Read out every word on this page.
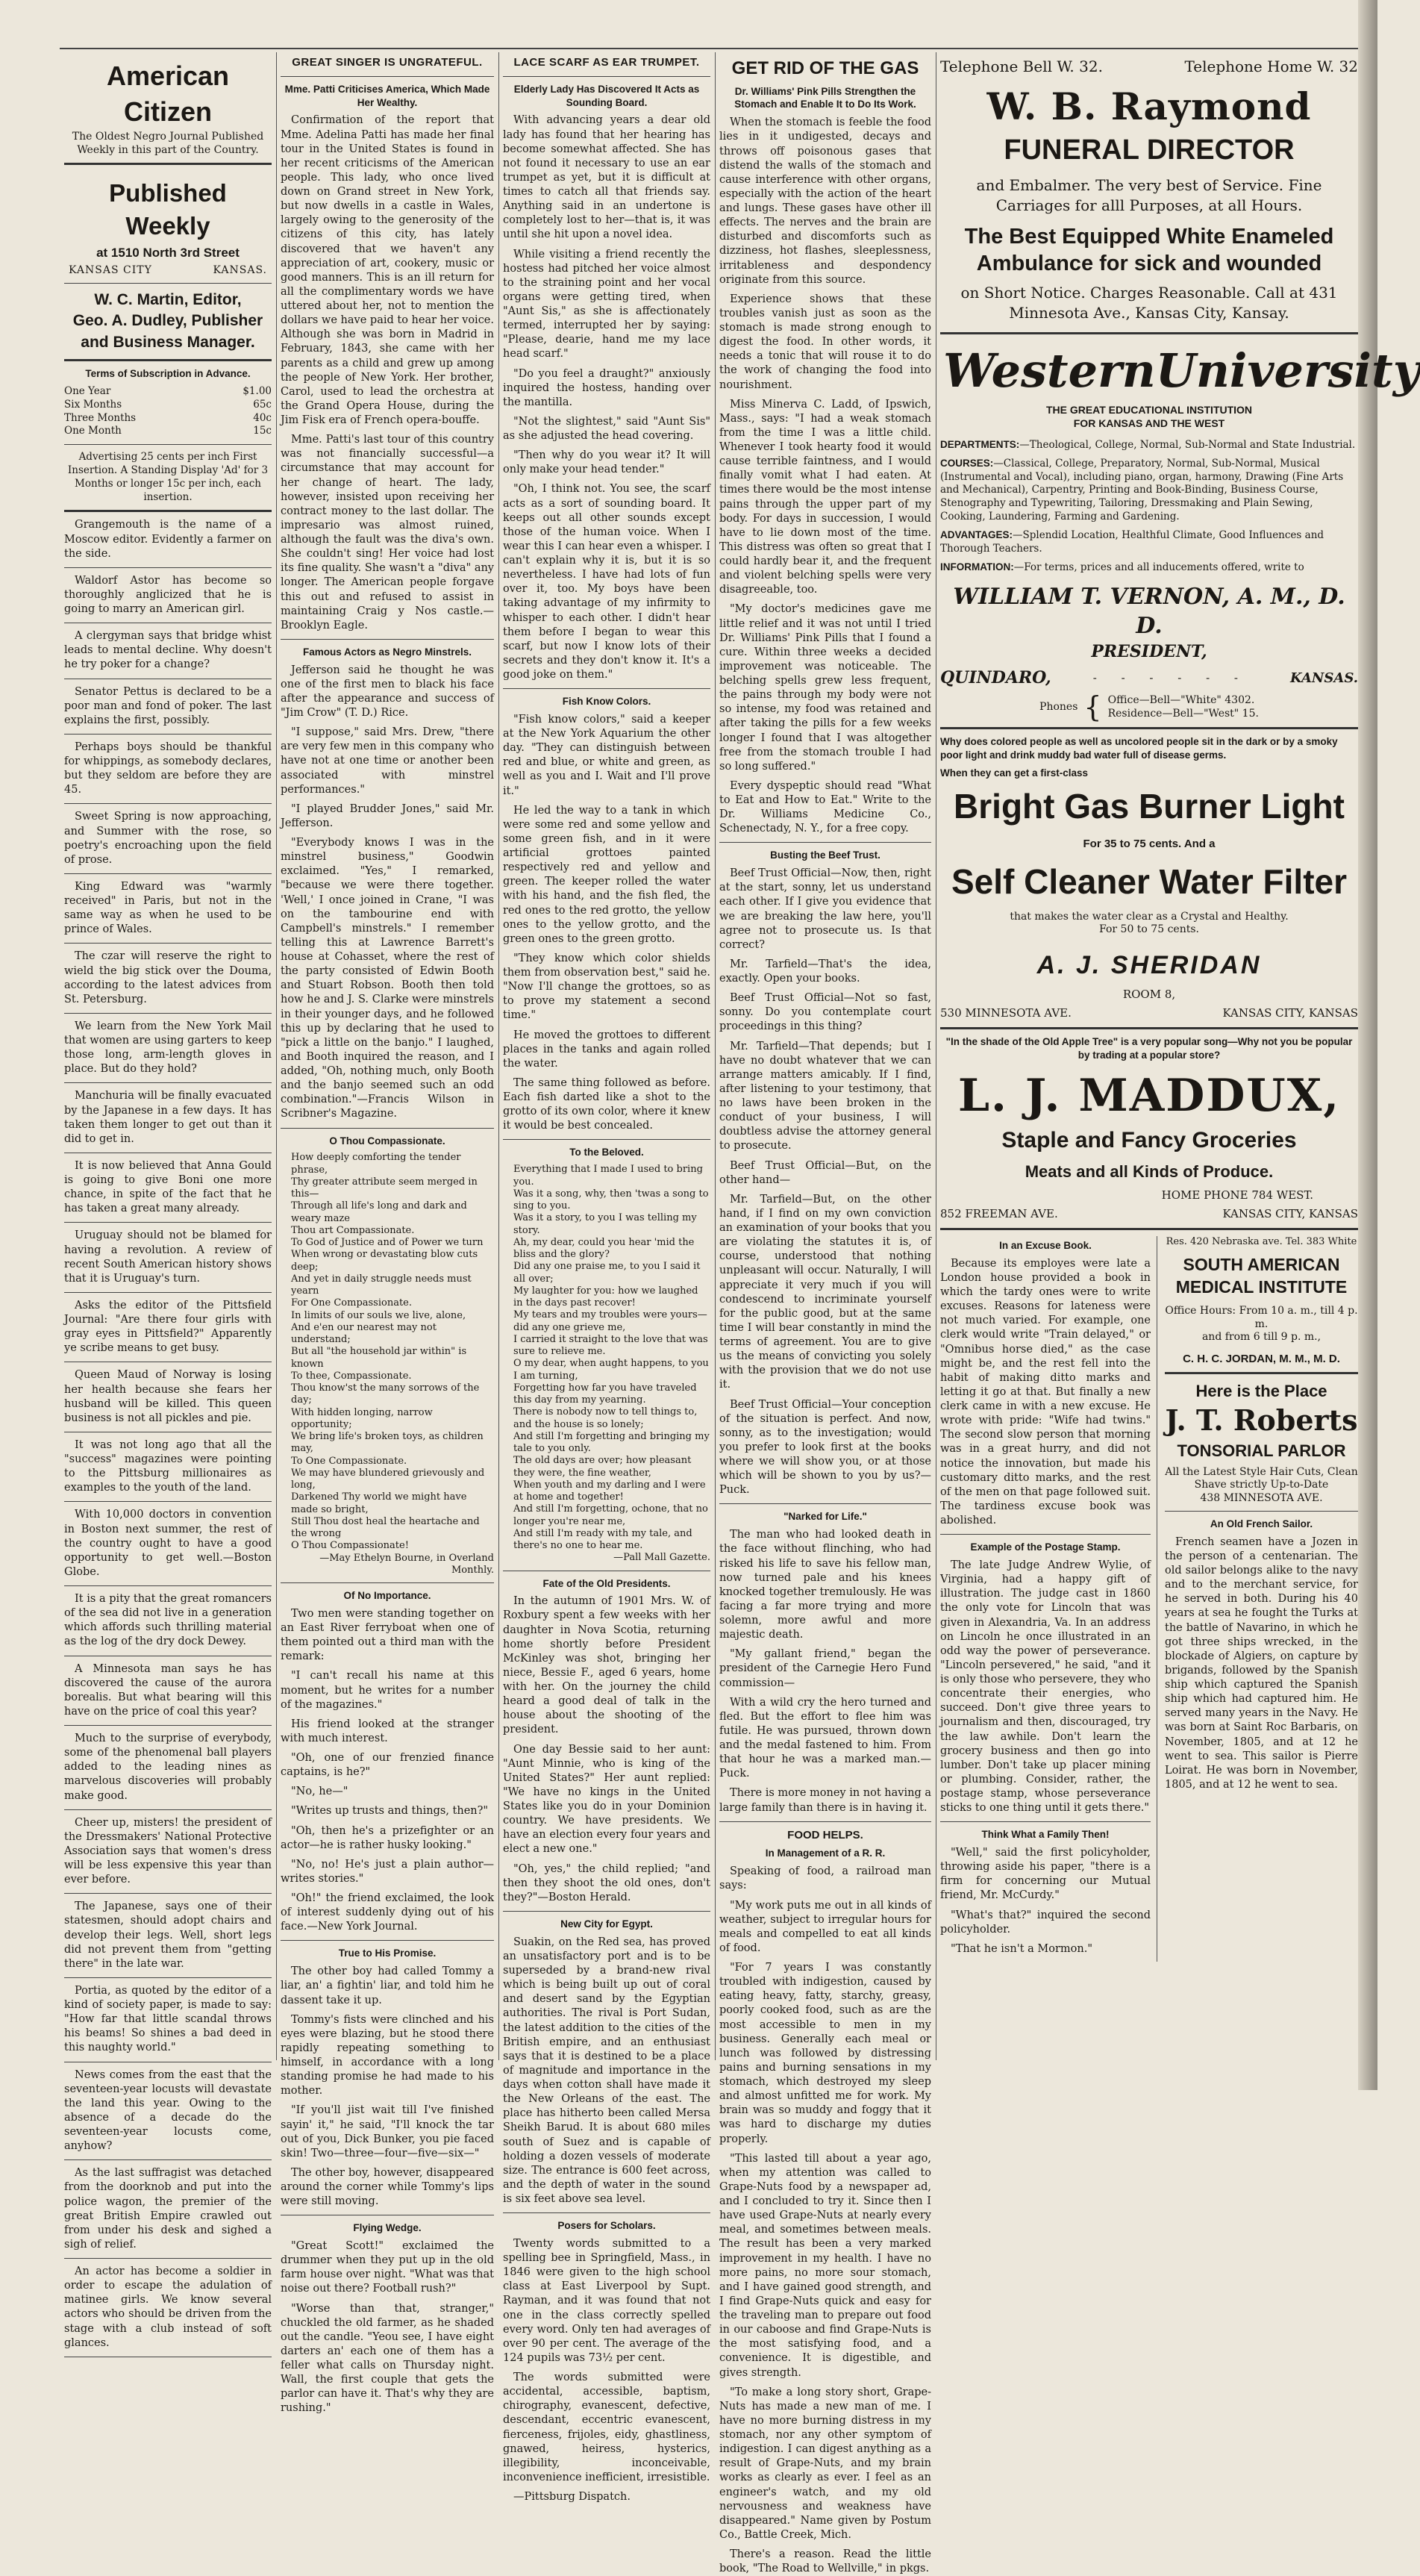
American Citizen
The Oldest Negro Journal Published Weekly in this part of the Country.
Published Weekly
at 1510 North 3rd Street
KANSAS CITY	KANSAS.
W. C. Martin, Editor,
Geo. A. Dudley, Publisher and Business Manager.
Terms of Subscription in Advance.
One Year	$1.00
Six Months	65c
Three Months	40c
One Month	15c

Advertising 25 cents per inch First Insertion. A Standing Display 'Ad' for 3 Months or longer 15c per inch, each insertion.

Grangemouth is the name of a Moscow editor. Evidently a farmer on the side.

Waldorf Astor has become so thoroughly anglicized that he is going to marry an American girl.

A clergyman says that bridge whist leads to mental decline. Why doesn't he try poker for a change?

Senator Pettus is declared to be a poor man and fond of poker. The last explains the first, possibly.

Perhaps boys should be thankful for whippings, as somebody declares, but they seldom are before they are 45.

Sweet Spring is now approaching, and Summer with the rose, so poetry's encroaching upon the field of prose.

King Edward was "warmly received" in Paris, but not in the same way as when he used to be prince of Wales.

The czar will reserve the right to wield the big stick over the Douma, according to the latest advices from St. Petersburg.

We learn from the New York Mail that women are using garters to keep those long, arm-length gloves in place. But do they hold?

Manchuria will be finally evacuated by the Japanese in a few days. It has taken them longer to get out than it did to get in.

It is now believed that Anna Gould is going to give Boni one more chance, in spite of the fact that he has taken a great many already.

Uruguay should not be blamed for having a revolution. A review of recent South American history shows that it is Uruguay's turn.

Asks the editor of the Pittsfield Journal: "Are there four girls with gray eyes in Pittsfield?" Apparently ye scribe means to get busy.

Queen Maud of Norway is losing her health because she fears her husband will be killed. This queen business is not all pickles and pie.

It was not long ago that all the "success" magazines were pointing to the Pittsburg millionaires as examples to the youth of the land.

With 10,000 doctors in convention in Boston next summer, the rest of the country ought to have a good opportunity to get well.—Boston Globe.

It is a pity that the great romancers of the sea did not live in a generation which affords such thrilling material as the log of the dry dock Dewey.

A Minnesota man says he has discovered the cause of the aurora borealis. But what bearing will this have on the price of coal this year?

Much to the surprise of everybody, some of the phenomenal ball players added to the leading nines as marvelous discoveries will probably make good.

Cheer up, misters! the president of the Dressmakers' National Protective Association says that women's dress will be less expensive this year than ever before.

The Japanese, says one of their statesmen, should adopt chairs and develop their legs. Well, short legs did not prevent them from "getting there" in the late war.

Portia, as quoted by the editor of a kind of society paper, is made to say: "How far that little scandal throws his beams! So shines a bad deed in this naughty world."

News comes from the east that the seventeen-year locusts will devastate the land this year. Owing to the absence of a decade do the seventeen-year locusts come, anyhow?

As the last suffragist was detached from the doorknob and put into the police wagon, the premier of the great British Empire crawled out from under his desk and sighed a sigh of relief.

An actor has become a soldier in order to escape the adulation of matinee girls. We know several actors who should be driven from the stage with a club instead of soft glances.

GREAT SINGER IS UNGRATEFUL.
Mme. Patti Criticises America, Which Made Her Wealthy.

Confirmation of the report that Mme. Adelina Patti has made her final tour in the United States is found in her recent criticisms of the American people. This lady, who once lived down on Grand street in New York, but now dwells in a castle in Wales, largely owing to the generosity of the citizens of this city, has lately discovered that we haven't any appreciation of art, cookery, music or good manners. This is an ill return for all the complimentary words we have uttered about her, not to mention the dollars we have paid to hear her voice. Although she was born in Madrid in February, 1843, she came with her parents as a child and grew up among the people of New York. Her brother, Carol, used to lead the orchestra at the Grand Opera House, during the Jim Fisk era of French opera-bouffe.

Mme. Patti's last tour of this country was not financially successful—a circumstance that may account for her change of heart. The lady, however, insisted upon receiving her contract money to the last dollar. The impresario was almost ruined, although the fault was the diva's own. She couldn't sing! Her voice had lost its fine quality. She wasn't a "diva" any longer. The American people forgave this out and refused to assist in maintaining Craig y Nos castle.—Brooklyn Eagle.

Famous Actors as Negro Minstrels.

Jefferson said he thought he was one of the first men to black his face after the appearance and success of "Jim Crow" (T. D.) Rice.

"I suppose," said Mrs. Drew, "there are very few men in this company who have not at one time or another been associated with minstrel performances."

"I played Brudder Jones," said Mr. Jefferson.

"Everybody knows I was in the minstrel business," Goodwin exclaimed. "Yes," I remarked, "because we were there together. 'Well,' I once joined in Crane, "I was on the tambourine end with Campbell's minstrels." I remember telling this at Lawrence Barrett's house at Cohasset, where the rest of the party consisted of Edwin Booth and Stuart Robson. Booth then told how he and J. S. Clarke were minstrels in their younger days, and he followed this up by declaring that he used to "pick a little on the banjo." I laughed, and Booth inquired the reason, and I added, "Oh, nothing much, only Booth and the banjo seemed such an odd combination."—Francis Wilson in Scribner's Magazine.

O Thou Compassionate.
How deeply comforting the tender phrase,
Thy greater attribute seem merged in this—
Through all life's long and dark and weary maze
Thou art Compassionate.
To God of Justice and of Power we turn
When wrong or devastating blow cuts deep;
And yet in daily struggle needs must yearn
For One Compassionate.
In limits of our souls we live, alone,
And e'en our nearest may not understand;
But all "the household jar within" is known
To thee, Compassionate.
Thou know'st the many sorrows of the day;
With hidden longing, narrow opportunity;
We bring life's broken toys, as children may,
To One Compassionate.
We may have blundered grievously and long,
Darkened Thy world we might have made so bright,
Still Thou dost heal the heartache and the wrong
O Thou Compassionate!
—May Ethelyn Bourne, in Overland Monthly.
Of No Importance.

Two men were standing together on an East River ferryboat when one of them pointed out a third man with the remark:

"I can't recall his name at this moment, but he writes for a number of the magazines."

His friend looked at the stranger with much interest.

"Oh, one of our frenzied finance captains, is he?"

"No, he—"

"Writes up trusts and things, then?"

"Oh, then he's a prizefighter or an actor—he is rather husky looking."

"No, no! He's just a plain author—writes stories."

"Oh!" the friend exclaimed, the look of interest suddenly dying out of his face.—New York Journal.

True to His Promise.

The other boy had called Tommy a liar, an' a fightin' liar, and told him he dassent take it up.

Tommy's fists were clinched and his eyes were blazing, but he stood there rapidly repeating something to himself, in accordance with a long standing promise he had made to his mother.

"If you'll jist wait till I've finished sayin' it," he said, "I'll knock the tar out of you, Dick Bunker, you pie faced skin! Two—three—four—five—six—"

The other boy, however, disappeared around the corner while Tommy's lips were still moving.

Flying Wedge.

"Great Scott!" exclaimed the drummer when they put up in the old farm house over night. "What was that noise out there? Football rush?"

"Worse than that, stranger," chuckled the old farmer, as he shaded out the candle. "Yeou see, I have eight darters an' each one of them has a feller what calls on Thursday night. Wall, the first couple that gets the parlor can have it. That's why they are rushing."

LACE SCARF AS EAR TRUMPET.
Elderly Lady Has Discovered It Acts as Sounding Board.

With advancing years a dear old lady has found that her hearing has become somewhat affected. She has not found it necessary to use an ear trumpet as yet, but it is difficult at times to catch all that friends say. Anything said in an undertone is completely lost to her—that is, it was until she hit upon a novel idea.

While visiting a friend recently the hostess had pitched her voice almost to the straining point and her vocal organs were getting tired, when "Aunt Sis," as she is affectionately termed, interrupted her by saying: "Please, dearie, hand me my lace head scarf."

"Do you feel a draught?" anxiously inquired the hostess, handing over the mantilla.

"Not the slightest," said "Aunt Sis" as she adjusted the head covering.

"Then why do you wear it? It will only make your head tender."

"Oh, I think not. You see, the scarf acts as a sort of sounding board. It keeps out all other sounds except those of the human voice. When I wear this I can hear even a whisper. I can't explain why it is, but it is so nevertheless. I have had lots of fun over it, too. My boys have been taking advantage of my infirmity to whisper to each other. I didn't hear them before I began to wear this scarf, but now I know lots of their secrets and they don't know it. It's a good joke on them."

Fish Know Colors.

"Fish know colors," said a keeper at the New York Aquarium the other day. "They can distinguish between red and blue, or white and green, as well as you and I. Wait and I'll prove it."

He led the way to a tank in which were some red and some yellow and some green fish, and in it were artificial grottoes painted respectively red and yellow and green. The keeper rolled the water with his hand, and the fish fled, the red ones to the red grotto, the yellow ones to the yellow grotto, and the green ones to the green grotto.

"They know which color shields them from observation best," said he. "Now I'll change the grottoes, so as to prove my statement a second time."

He moved the grottoes to different places in the tanks and again rolled the water.

The same thing followed as before. Each fish darted like a shot to the grotto of its own color, where it knew it would be best concealed.

To the Beloved.
Everything that I made I used to bring you.
Was it a song, why, then 'twas a song to sing to you.
Was it a story, to you I was telling my story.
Ah, my dear, could you hear 'mid the bliss and the glory?
Did any one praise me, to you I said it all over;
My laughter for you: how we laughed in the days past recover!
My tears and my troubles were yours—did any one grieve me,
I carried it straight to the love that was sure to relieve me.
O my dear, when aught happens, to you I am turning,
Forgetting how far you have traveled this day from my yearning.
There is nobody now to tell things to, and the house is so lonely;
And still I'm forgetting and bringing my tale to you only.
The old days are over; how pleasant they were, the fine weather,
When youth and my darling and I were at home and together!
And still I'm forgetting, ochone, that no longer you're near me,
And still I'm ready with my tale, and there's no one to hear me.
—Pall Mall Gazette.
Fate of the Old Presidents.

In the autumn of 1901 Mrs. W. of Roxbury spent a few weeks with her daughter in Nova Scotia, returning home shortly before President McKinley was shot, bringing her niece, Bessie F., aged 6 years, home with her. On the journey the child heard a good deal of talk in the house about the shooting of the president.

One day Bessie said to her aunt: "Aunt Minnie, who is king of the United States?" Her aunt replied: "We have no kings in the United States like you do in your Dominion country. We have presidents. We have an election every four years and elect a new one."

"Oh, yes," the child replied; "and then they shoot the old ones, don't they?"—Boston Herald.

New City for Egypt.

Suakin, on the Red sea, has proved an unsatisfactory port and is to be superseded by a brand-new rival which is being built up out of coral and desert sand by the Egyptian authorities. The rival is Port Sudan, the latest addition to the cities of the British empire, and an enthusiast says that it is destined to be a place of magnitude and importance in the days when cotton shall have made it the New Orleans of the east. The place has hitherto been called Mersa Sheikh Barud. It is about 680 miles south of Suez and is capable of holding a dozen vessels of moderate size. The entrance is 600 feet across, and the depth of water in the sound is six feet above sea level.

Posers for Scholars.

Twenty words submitted to a spelling bee in Springfield, Mass., in 1846 were given to the high school class at East Liverpool by Supt. Rayman, and it was found that not one in the class correctly spelled every word. Only ten had averages of over 90 per cent. The average of the 124 pupils was 73½ per cent.

The words submitted were accidental, accessible, baptism, chirography, evanescent, defective, descendant, eccentric evanescent, fierceness, frijoles, eidy, ghastliness, gnawed, heiress, hysterics, illegibility, inconceivable, inconvenience inefficient, irresistible.

—Pittsburg Dispatch.

GET RID OF THE GAS
Dr. Williams' Pink Pills Strengthen the Stomach and Enable It to Do Its Work.

When the stomach is feeble the food lies in it undigested, decays and throws off poisonous gases that distend the walls of the stomach and cause interference with other organs, especially with the action of the heart and lungs. These gases have other ill effects. The nerves and the brain are disturbed and discomforts such as dizziness, hot flashes, sleeplessness, irritableness and despondency originate from this source.

Experience shows that these troubles vanish just as soon as the stomach is made strong enough to digest the food. In other words, it needs a tonic that will rouse it to do the work of changing the food into nourishment.

Miss Minerva C. Ladd, of Ipswich, Mass., says: "I had a weak stomach from the time I was a little child. Whenever I took hearty food it would cause terrible faintness, and I would finally vomit what I had eaten. At times there would be the most intense pains through the upper part of my body. For days in succession, I would have to lie down most of the time. This distress was often so great that I could hardly bear it, and the frequent and violent belching spells were very disagreeable, too.

"My doctor's medicines gave me little relief and it was not until I tried Dr. Williams' Pink Pills that I found a cure. Within three weeks a decided improvement was noticeable. The belching spells grew less frequent, the pains through my body were not so intense, my food was retained and after taking the pills for a few weeks longer I found that I was altogether free from the stomach trouble I had so long suffered."

Every dyspeptic should read "What to Eat and How to Eat." Write to the Dr. Williams Medicine Co., Schenectady, N. Y., for a free copy.

Busting the Beef Trust.

Beef Trust Official—Now, then, right at the start, sonny, let us understand each other. If I give you evidence that we are breaking the law here, you'll agree not to prosecute us. Is that correct?

Mr. Tarfield—That's the idea, exactly. Open your books.

Beef Trust Official—Not so fast, sonny. Do you contemplate court proceedings in this thing?

Mr. Tarfield—That depends; but I have no doubt whatever that we can arrange matters amicably. If I find, after listening to your testimony, that no laws have been broken in the conduct of your business, I will doubtless advise the attorney general to prosecute.

Beef Trust Official—But, on the other hand—

Mr. Tarfield—But, on the other hand, if I find on my own conviction an examination of your books that you are violating the statutes it is, of course, understood that nothing unpleasant will occur. Naturally, I will appreciate it very much if you will condescend to incriminate yourself for the public good, but at the same time I will bear constantly in mind the terms of agreement. You are to give us the means of convicting you solely with the provision that we do not use it.

Beef Trust Official—Your conception of the situation is perfect. And now, sonny, as to the investigation; would you prefer to look first at the books where we will show you, or at those which will be shown to you by us?—Puck.

"Narked for Life."

The man who had looked death in the face without flinching, who had risked his life to save his fellow man, now turned pale and his knees knocked together tremulously. He was facing a far more trying and more solemn, more awful and more majestic death.

"My gallant friend," began the president of the Carnegie Hero Fund commission—

With a wild cry the hero turned and fled. But the effort to flee him was futile. He was pursued, thrown down and the medal fastened to him. From that hour he was a marked man.—Puck.

There is more money in not having a large family than there is in having it.

FOOD HELPS.
In Management of a R. R.

Speaking of food, a railroad man says:

"My work puts me out in all kinds of weather, subject to irregular hours for meals and compelled to eat all kinds of food.

"For 7 years I was constantly troubled with indigestion, caused by eating heavy, fatty, starchy, greasy, poorly cooked food, such as are the most accessible to men in my business. Generally each meal or lunch was followed by distressing pains and burning sensations in my stomach, which destroyed my sleep and almost unfitted me for work. My brain was so muddy and foggy that it was hard to discharge my duties properly.

"This lasted till about a year ago, when my attention was called to Grape-Nuts food by a newspaper ad, and I concluded to try it. Since then I have used Grape-Nuts at nearly every meal, and sometimes between meals. The result has been a very marked improvement in my health. I have no more pains, no more sour stomach, and I have gained good strength, and I find Grape-Nuts quick and easy for the traveling man to prepare out food in our caboose and find Grape-Nuts is the most satisfying food, and a convenience. It is digestible, and gives strength.

"To make a long story short, Grape-Nuts has made a new man of me. I have no more burning distress in my stomach, nor any other symptom of indigestion. I can digest anything as a result of Grape-Nuts, and my brain works as clearly as ever. I feel as an engineer's watch, and my old nervousness and weakness have disappeared." Name given by Postum Co., Battle Creek, Mich.

There's a reason. Read the little book, "The Road to Wellville," in pkgs.

Telephone Bell W. 32.	Telephone Home W. 32
W. B. Raymond
FUNERAL DIRECTOR
and Embalmer. The very best of Service. Fine Carriages for alll Purposes, at all Hours.
The Best Equipped White Enameled Ambulance for sick and wounded
on Short Notice. Charges Reasonable. Call at 431 Minnesota Ave., Kansas City, Kansay.
Western University
THE GREAT EDUCATIONAL INSTITUTION
FOR KANSAS AND THE WEST

DEPARTMENTS:—Theological, College, Normal, Sub-Normal and State Industrial.

COURSES:—Classical, College, Preparatory, Normal, Sub-Normal, Musical (Instrumental and Vocal), including piano, organ, harmony, Drawing (Fine Arts and Mechanical), Carpentry, Printing and Book-Binding, Business Course, Stenography and Typewriting, Tailoring, Dressmaking and Plain Sewing, Cooking, Laundering, Farming and Gardening.

ADVANTAGES:—Splendid Location, Healthful Climate, Good Influences and Thorough Teachers.

INFORMATION:—For terms, prices and all inducements offered, write to

WILLIAM T. VERNON, A. M., D. D.
PRESIDENT,
QUINDARO,	- - - - - -	KANSAS.
Phones { Office—Bell—"White" 4302.
Residence—Bell—"West" 15.
Why does colored people as well as uncolored people sit in the dark or by a smoky poor light and drink muddy bad water full of disease germs.
When they can get a first-class
Bright Gas Burner Light
For 35 to 75 cents. And a
Self Cleaner Water Filter
that makes the water clear as a Crystal and Healthy.
For 50 to 75 cents.
A. J. SHERIDAN
ROOM 8,
530 MINNESOTA AVE.	KANSAS CITY, KANSAS
"In the shade of the Old Apple Tree" is a very popular song—Why not you be popular by trading at a popular store?
L. J. MADDUX,
Staple and Fancy Groceries
Meats and all Kinds of Produce.
HOME PHONE 784 WEST.
852 FREEMAN AVE.	KANSAS CITY, KANSAS
In an Excuse Book.

Because its employes were late a London house provided a book in which the tardy ones were to write excuses. Reasons for lateness were not much varied. For example, one clerk would write "Train delayed," or "Omnibus horse died," as the case might be, and the rest fell into the habit of making ditto marks and letting it go at that. But finally a new clerk came in with a new excuse. He wrote with pride: "Wife had twins." The second slow person that morning was in a great hurry, and did not notice the innovation, but made his customary ditto marks, and the rest of the men on that page followed suit. The tardiness excuse book was abolished.

Example of the Postage Stamp.

The late Judge Andrew Wylie, of Virginia, had a happy gift of illustration. The judge cast in 1860 the only vote for Lincoln that was given in Alexandria, Va. In an address on Lincoln he once illustrated in an odd way the power of perseverance. "Lincoln persevered," he said, "and it is only those who persevere, they who concentrate their energies, who succeed. Don't give three years to journalism and then, discouraged, try the law awhile. Don't learn the grocery business and then go into lumber. Don't take up placer mining or plumbing. Consider, rather, the postage stamp, whose perseverance sticks to one thing until it gets there."

Think What a Family Then!

"Well," said the first policyholder, throwing aside his paper, "there is a firm for concerning our Mutual friend, Mr. McCurdy."

"What's that?" inquired the second policyholder.

"That he isn't a Mormon."

Res. 420 Nebraska ave. Tel. 383 White
SOUTH AMERICAN MEDICAL INSTITUTE
Office Hours: From 10 a. m., till 4 p. m.
and from 6 till 9 p. m.,
C. H. C. JORDAN, M. M., M. D.
Here is the Place
J. T. Roberts
TONSORIAL PARLOR
All the Latest Style Hair Cuts, Clean
Shave strictly Up-to-Date
438 MINNESOTA AVE.
An Old French Sailor.

French seamen have a Jozen in the person of a centenarian. The old sailor belongs alike to the navy and to the merchant service, for he served in both. During his 40 years at sea he fought the Turks at the battle of Navarino, in which he got three ships wrecked, in the blockade of Algiers, on capture by brigands, followed by the Spanish ship which captured the Spanish ship which had captured him. He served many years in the Navy. He was born at Saint Roc Barbaris, on November, 1805, and at 12 he went to sea. This sailor is Pierre Loirat. He was born in November, 1805, and at 12 he went to sea.
